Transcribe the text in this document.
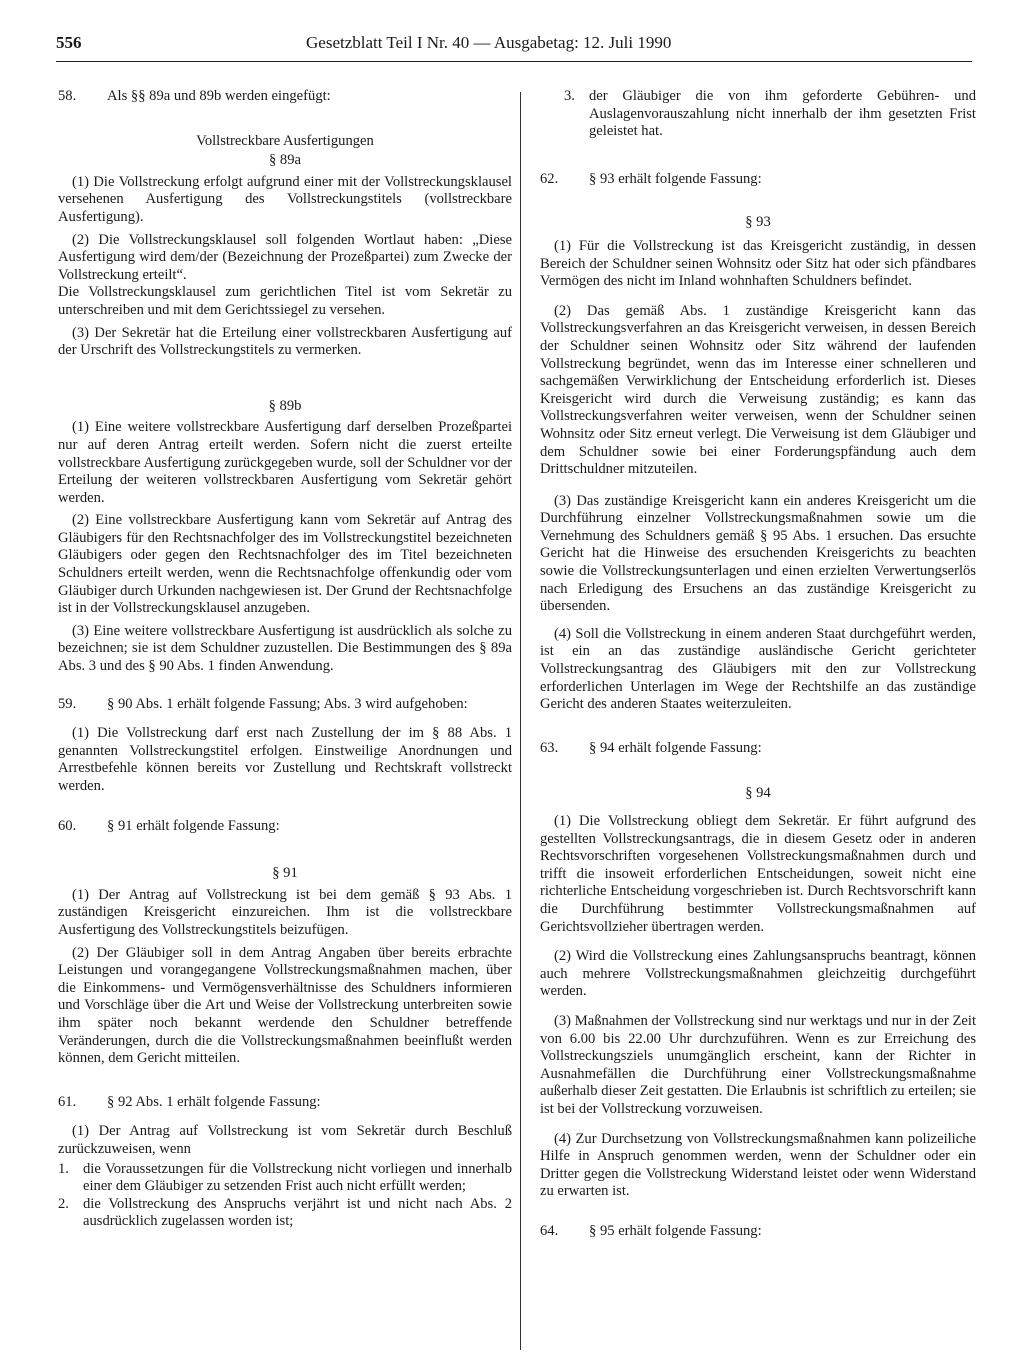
556	Gesetzblatt Teil I Nr. 40 — Ausgabetag: 12. Juli 1990
58. Als §§ 89a und 89b werden eingefügt:

Vollstreckbare Ausfertigungen

§ 89a

(1) Die Vollstreckung erfolgt aufgrund einer mit der Vollstreckungsklausel versehenen Ausfertigung des Vollstreckungstitels (vollstreckbare Ausfertigung).

(2) Die Vollstreckungsklausel soll folgenden Wortlaut haben: „Diese Ausfertigung wird dem/der (Bezeichnung der Prozeßpartei) zum Zwecke der Vollstreckung erteilt“.

Die Vollstreckungsklausel zum gerichtlichen Titel ist vom Sekretär zu unterschreiben und mit dem Gerichtssiegel zu versehen.

(3) Der Sekretär hat die Erteilung einer vollstreckbaren Ausfertigung auf der Urschrift des Vollstreckungstitels zu vermerken.

§ 89b

(1) Eine weitere vollstreckbare Ausfertigung darf derselben Prozeßpartei nur auf deren Antrag erteilt werden. Sofern nicht die zuerst erteilte vollstreckbare Ausfertigung zurückgegeben wurde, soll der Schuldner vor der Erteilung der weiteren vollstreckbaren Ausfertigung vom Sekretär gehört werden.

(2) Eine vollstreckbare Ausfertigung kann vom Sekretär auf Antrag des Gläubigers für den Rechtsnachfolger des im Vollstreckungstitel bezeichneten Gläubigers oder gegen den Rechtsnachfolger des im Titel bezeichneten Schuldners erteilt werden, wenn die Rechtsnachfolge offenkundig oder vom Gläubiger durch Urkunden nachgewiesen ist. Der Grund der Rechtsnachfolge ist in der Vollstreckungsklausel anzugeben.

(3) Eine weitere vollstreckbare Ausfertigung ist ausdrücklich als solche zu bezeichnen; sie ist dem Schuldner zuzustellen. Die Bestimmungen des § 89a Abs. 3 und des § 90 Abs. 1 finden Anwendung.

59. § 90 Abs. 1 erhält folgende Fassung; Abs. 3 wird aufgehoben:

(1) Die Vollstreckung darf erst nach Zustellung der im § 88 Abs. 1 genannten Vollstreckungstitel erfolgen. Einstweilige Anordnungen und Arrestbefehle können bereits vor Zustellung und Rechtskraft vollstreckt werden.

60. § 91 erhält folgende Fassung:

§ 91

(1) Der Antrag auf Vollstreckung ist bei dem gemäß § 93 Abs. 1 zuständigen Kreisgericht einzureichen. Ihm ist die vollstreckbare Ausfertigung des Vollstreckungstitels beizufügen.

(2) Der Gläubiger soll in dem Antrag Angaben über bereits erbrachte Leistungen und vorangegangene Vollstreckungsmaßnahmen machen, über die Einkommens- und Vermögensverhältnisse des Schuldners informieren und Vorschläge über die Art und Weise der Vollstreckung unterbreiten sowie ihm später noch bekannt werdende den Schuldner betreffende Veränderungen, durch die die Vollstreckungsmaßnahmen beeinflußt werden können, dem Gericht mitteilen.

61. § 92 Abs. 1 erhält folgende Fassung:

(1) Der Antrag auf Vollstreckung ist vom Sekretär durch Beschluß zurückzuweisen, wenn

1. die Voraussetzungen für die Vollstreckung nicht vorliegen und innerhalb einer dem Gläubiger zu setzenden Frist auch nicht erfüllt werden;
2. die Vollstreckung des Anspruchs verjährt ist und nicht nach Abs. 2 ausdrücklich zugelassen worden ist;
3. der Gläubiger die von ihm geforderte Gebühren- und Auslagenvorauszahlung nicht innerhalb der ihm gesetzten Frist geleistet hat.
62. § 93 erhält folgende Fassung:

§ 93

(1) Für die Vollstreckung ist das Kreisgericht zuständig, in dessen Bereich der Schuldner seinen Wohnsitz oder Sitz hat oder sich pfändbares Vermögen des nicht im Inland wohnhaften Schuldners befindet.

(2) Das gemäß Abs. 1 zuständige Kreisgericht kann das Vollstreckungsverfahren an das Kreisgericht verweisen, in dessen Bereich der Schuldner seinen Wohnsitz oder Sitz während der laufenden Vollstreckung begründet, wenn das im Interesse einer schnelleren und sachgemäßen Verwirklichung der Entscheidung erforderlich ist. Dieses Kreisgericht wird durch die Verweisung zuständig; es kann das Vollstreckungsverfahren weiter verweisen, wenn der Schuldner seinen Wohnsitz oder Sitz erneut verlegt. Die Verweisung ist dem Gläubiger und dem Schuldner sowie bei einer Forderungspfändung auch dem Drittschuldner mitzuteilen.

(3) Das zuständige Kreisgericht kann ein anderes Kreisgericht um die Durchführung einzelner Vollstreckungsmaßnahmen sowie um die Vernehmung des Schuldners gemäß § 95 Abs. 1 ersuchen. Das ersuchte Gericht hat die Hinweise des ersuchenden Kreisgerichts zu beachten sowie die Vollstreckungsunterlagen und einen erzielten Verwertungserlös nach Erledigung des Ersuchens an das zuständige Kreisgericht zu übersenden.

(4) Soll die Vollstreckung in einem anderen Staat durchgeführt werden, ist ein an das zuständige ausländische Gericht gerichteter Vollstreckungsantrag des Gläubigers mit den zur Vollstreckung erforderlichen Unterlagen im Wege der Rechtshilfe an das zuständige Gericht des anderen Staates weiterzuleiten.

63. § 94 erhält folgende Fassung:

§ 94

(1) Die Vollstreckung obliegt dem Sekretär. Er führt aufgrund des gestellten Vollstreckungsantrags, die in diesem Gesetz oder in anderen Rechtsvorschriften vorgesehenen Vollstreckungsmaßnahmen durch und trifft die insoweit erforderlichen Entscheidungen, soweit nicht eine richterliche Entscheidung vorgeschrieben ist. Durch Rechtsvorschrift kann die Durchführung bestimmter Vollstreckungsmaßnahmen auf Gerichtsvollzieher übertragen werden.

(2) Wird die Vollstreckung eines Zahlungsanspruchs beantragt, können auch mehrere Vollstreckungsmaßnahmen gleichzeitig durchgeführt werden.

(3) Maßnahmen der Vollstreckung sind nur werktags und nur in der Zeit von 6.00 bis 22.00 Uhr durchzuführen. Wenn es zur Erreichung des Vollstreckungsziels unumgänglich erscheint, kann der Richter in Ausnahmefällen die Durchführung einer Vollstreckungsmaßnahme außerhalb dieser Zeit gestatten. Die Erlaubnis ist schriftlich zu erteilen; sie ist bei der Vollstreckung vorzuweisen.

(4) Zur Durchsetzung von Vollstreckungsmaßnahmen kann polizeiliche Hilfe in Anspruch genommen werden, wenn der Schuldner oder ein Dritter gegen die Vollstreckung Widerstand leistet oder wenn Widerstand zu erwarten ist.

64. § 95 erhält folgende Fassung:
